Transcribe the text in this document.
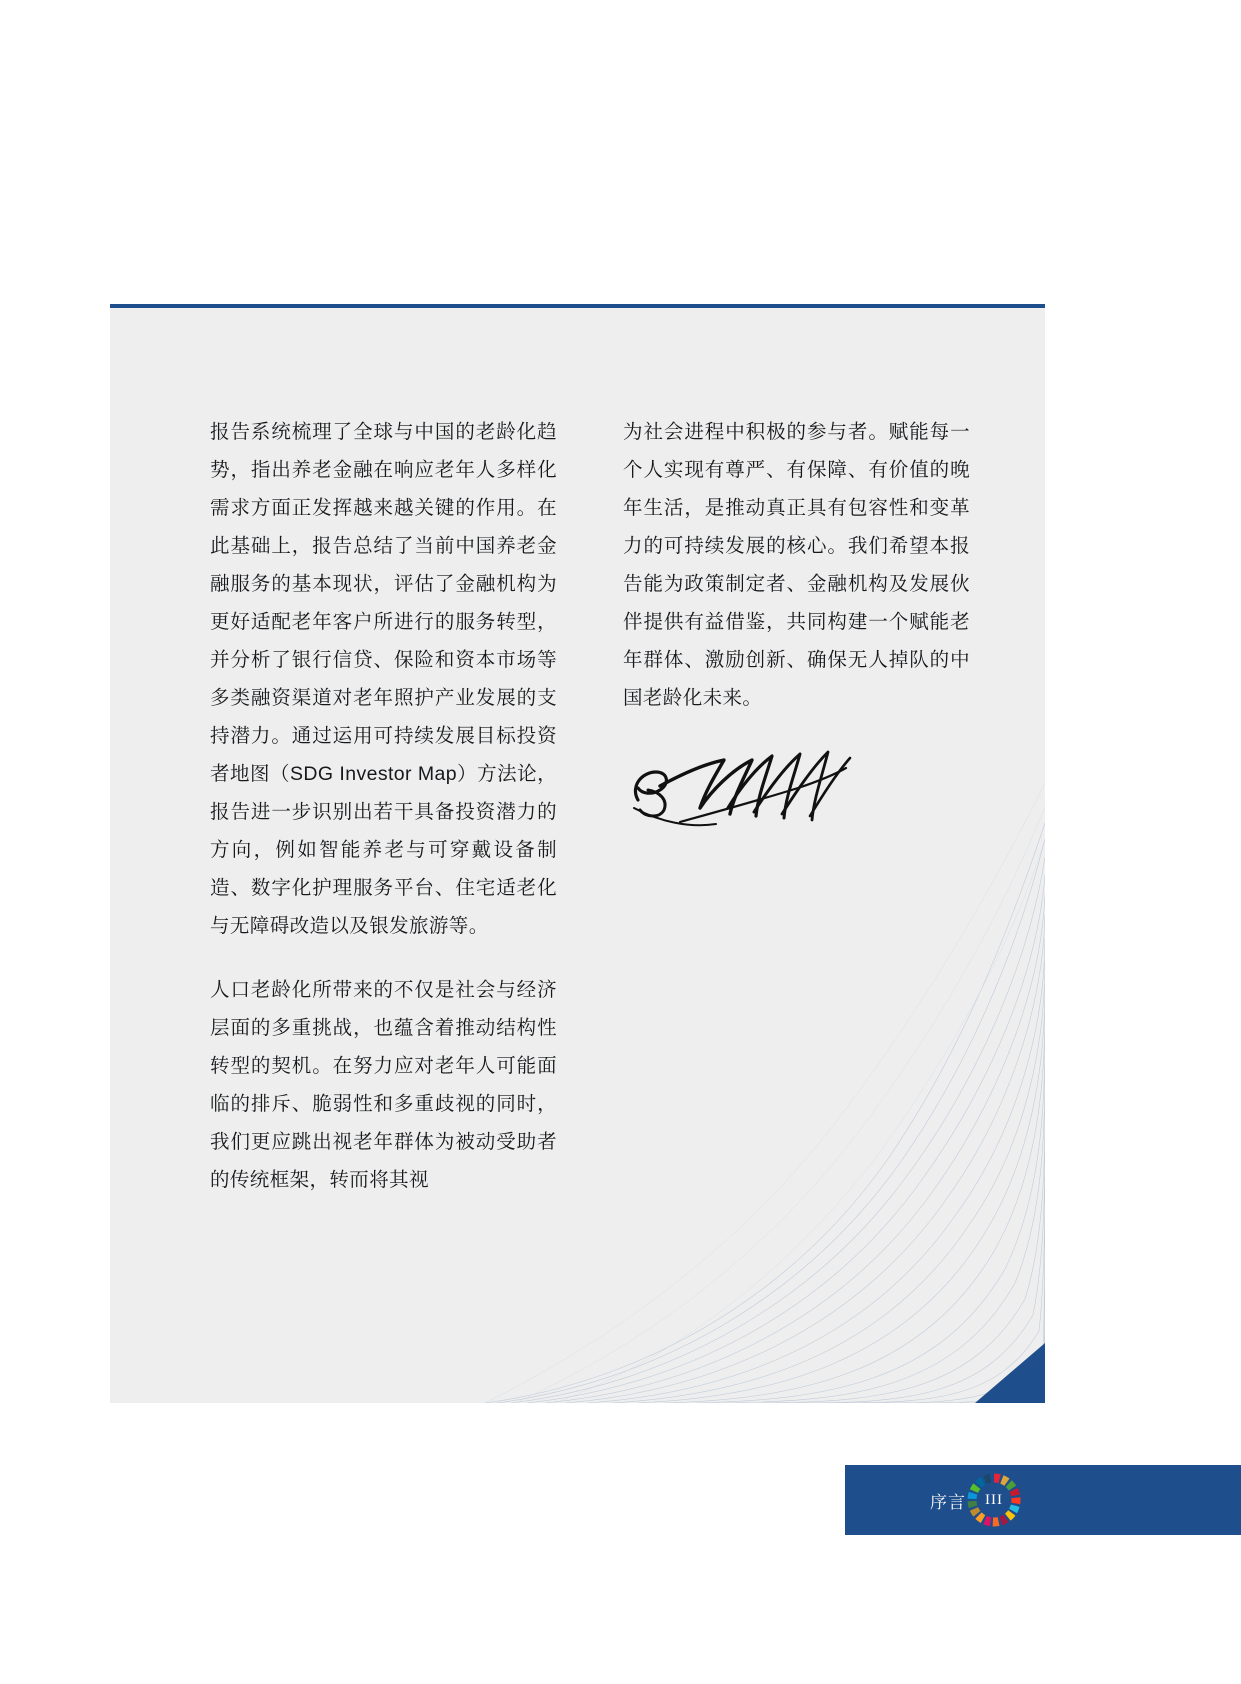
报告系统梳理了全球与中国的老龄化趋势，指出养老金融在响应老年人多样化需求方面正发挥越来越关键的作用。在此基础上，报告总结了当前中国养老金融服务的基本现状，评估了金融机构为更好适配老年客户所进行的服务转型，并分析了银行信贷、保险和资本市场等多类融资渠道对老年照护产业发展的支持潜力。通过运用可持续发展目标投资者地图（SDG Investor Map）方法论，报告进一步识别出若干具备投资潜力的方向，例如智能养老与可穿戴设备制造、数字化护理服务平台、住宅适老化与无障碍改造以及银发旅游等。

人口老龄化所带来的不仅是社会与经济层面的多重挑战，也蕴含着推动结构性转型的契机。在努力应对老年人可能面临的排斥、脆弱性和多重歧视的同时，我们更应跳出视老年群体为被动受助者的传统框架，转而将其视

为社会进程中积极的参与者。赋能每一个人实现有尊严、有保障、有价值的晚年生活，是推动真正具有包容性和变革力的可持续发展的核心。我们希望本报告能为政策制定者、金融机构及发展伙伴提供有益借鉴，共同构建一个赋能老年群体、激励创新、确保无人掉队的中国老龄化未来。

序言	III
